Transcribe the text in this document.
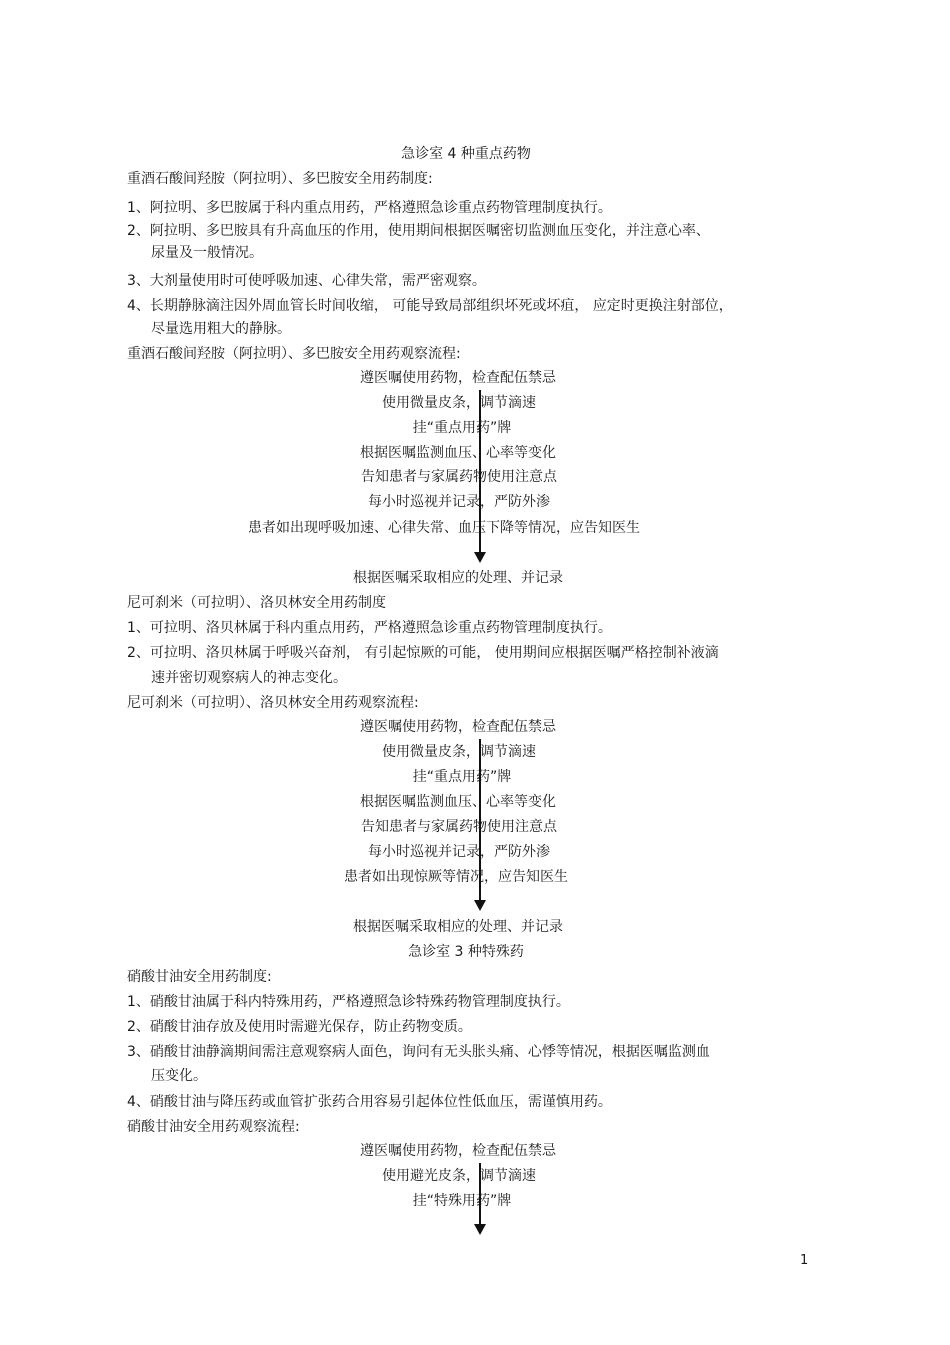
急诊室 4 种重点药物
重酒石酸间羟胺（阿拉明）、多巴胺安全用药制度:
1、阿拉明、多巴胺属于科内重点用药，严格遵照急诊重点药物管理制度执行。
2、阿拉明、多巴胺具有升高血压的作用，使用期间根据医嘱密切监测血压变化，并注意心率、
尿量及一般情况。
3、大剂量使用时可使呼吸加速、心律失常，需严密观察。
4、长期静脉滴注因外周血管长时间收缩， 可能导致局部组织坏死或坏疽， 应定时更换注射部位，
尽量选用粗大的静脉。
重酒石酸间羟胺（阿拉明）、多巴胺安全用药观察流程:
遵医嘱使用药物，检查配伍禁忌
使用微量皮条，调节滴速
挂“重点用药”牌
根据医嘱监测血压、心率等变化
告知患者与家属药物使用注意点
每小时巡视并记录，严防外渗
患者如出现呼吸加速、心律失常、血压下降等情况，应告知医生
根据医嘱采取相应的处理、并记录
尼可刹米（可拉明）、洛贝林安全用药制度
1、可拉明、洛贝林属于科内重点用药，严格遵照急诊重点药物管理制度执行。
2、可拉明、洛贝林属于呼吸兴奋剂， 有引起惊厥的可能， 使用期间应根据医嘱严格控制补液滴
速并密切观察病人的神志变化。
尼可刹米（可拉明）、洛贝林安全用药观察流程:
遵医嘱使用药物，检查配伍禁忌
使用微量皮条，调节滴速
挂“重点用药”牌
根据医嘱监测血压、心率等变化
告知患者与家属药物使用注意点
每小时巡视并记录，严防外渗
患者如出现惊厥等情况，应告知医生
根据医嘱采取相应的处理、并记录
急诊室 3 种特殊药
硝酸甘油安全用药制度:
1、硝酸甘油属于科内特殊用药，严格遵照急诊特殊药物管理制度执行。
2、硝酸甘油存放及使用时需避光保存，防止药物变质。
3、硝酸甘油静滴期间需注意观察病人面色，询问有无头胀头痛、心悸等情况，根据医嘱监测血
压变化。
4、硝酸甘油与降压药或血管扩张药合用容易引起体位性低血压，需谨慎用药。
硝酸甘油安全用药观察流程:
遵医嘱使用药物，检查配伍禁忌
使用避光皮条，调节滴速
挂“特殊用药”牌
1
